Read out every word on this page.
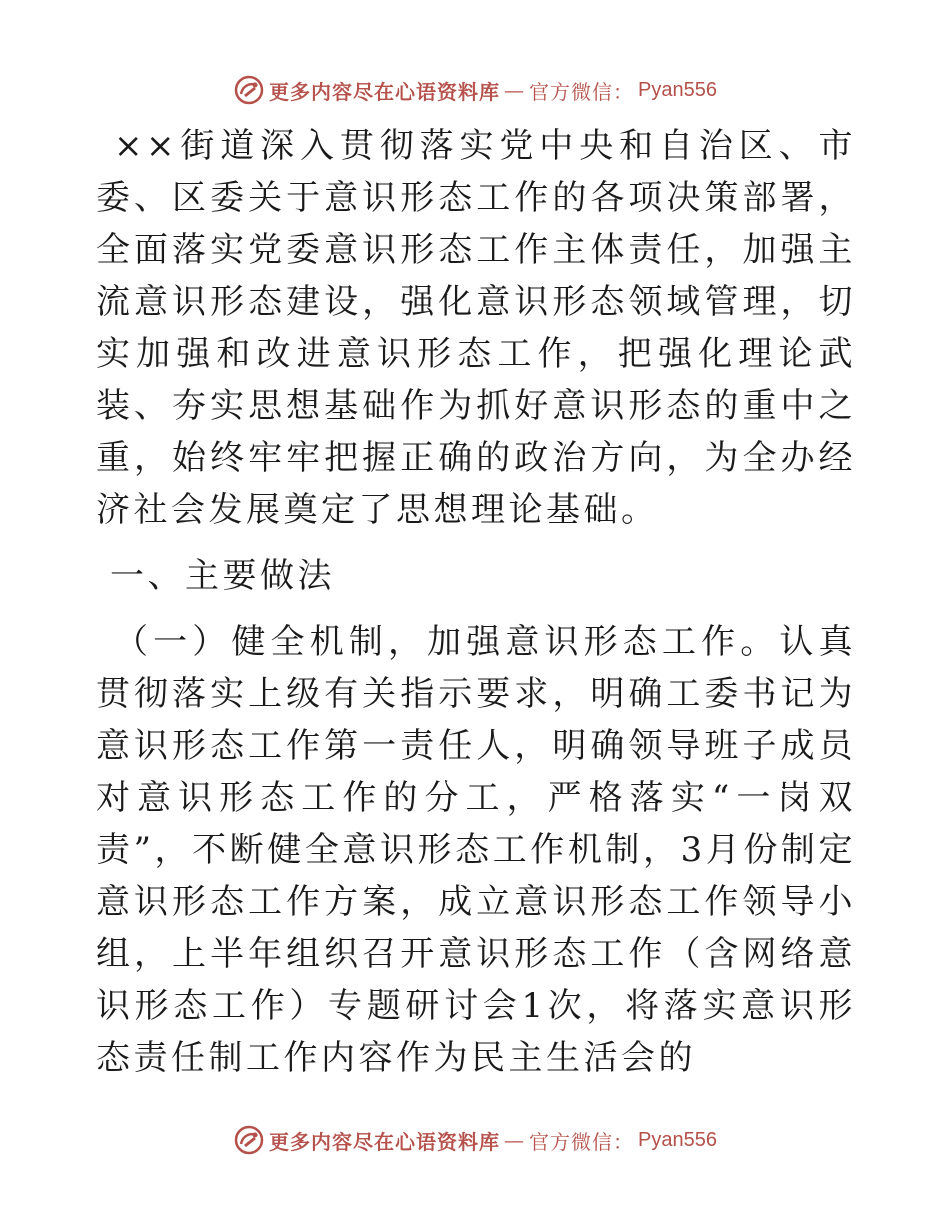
更多内容尽在心语资料库 — 官方微信： Pyan556

××街道深入贯彻落实党中央和自治区、市委、区委关于意识形态工作的各项决策部署，全面落实党委意识形态工作主体责任，加强主流意识形态建设，强化意识形态领域管理，切实加强和改进意识形态工作，把强化理论武装、夯实思想基础作为抓好意识形态的重中之重，始终牢牢把握正确的政治方向，为全办经济社会发展奠定了思想理论基础。

一、主要做法

（一）健全机制，加强意识形态工作。认真贯彻落实上级有关指示要求，明确工委书记为意识形态工作第一责任人，明确领导班子成员对意识形态工作的分工，严格落实“一岗双责”，不断健全意识形态工作机制，3月份制定意识形态工作方案，成立意识形态工作领导小组，上半年组织召开意识形态工作（含网络意识形态工作）专题研讨会1次，将落实意识形态责任制工作内容作为民主生活会的

更多内容尽在心语资料库 — 官方微信： Pyan556
